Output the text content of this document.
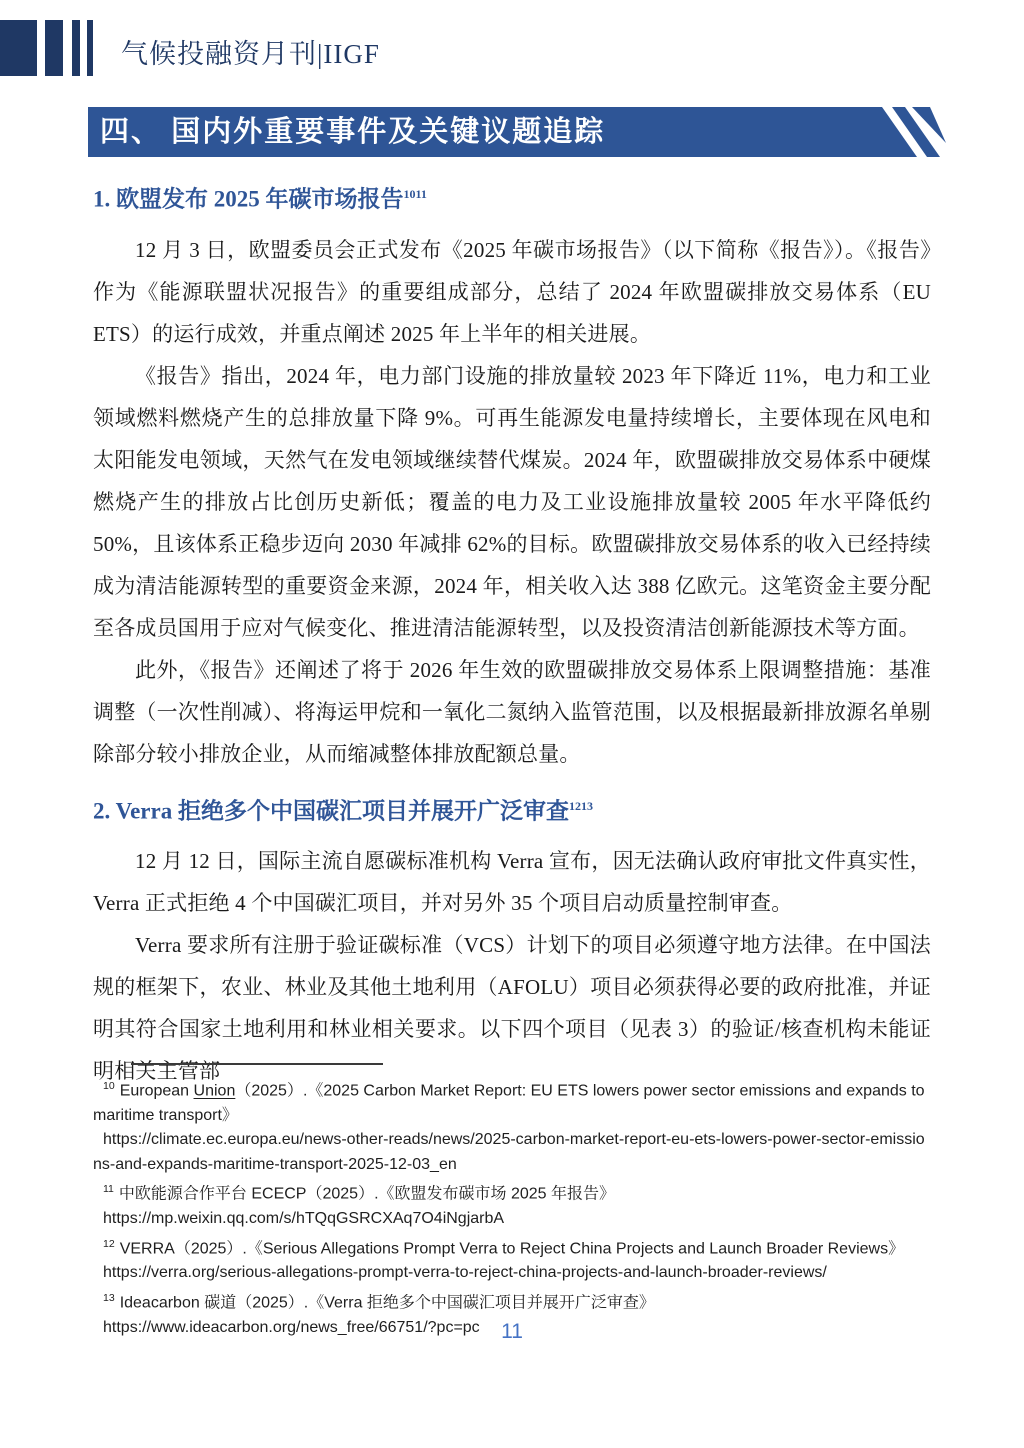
气候投融资月刊|IIGF
四、 国内外重要事件及关键议题追踪
1. 欧盟发布 2025 年碳市场报告$^{1011}$

12 月 3 日，欧盟委员会正式发布《2025 年碳市场报告》（以下简称《报告》）。《报告》作为《能源联盟状况报告》的重要组成部分，总结了 2024 年欧盟碳排放交易体系（EU ETS）的运行成效，并重点阐述 2025 年上半年的相关进展。

《报告》指出，2024 年，电力部门设施的排放量较 2023 年下降近 11%，电力和工业领域燃料燃烧产生的总排放量下降 9%。可再生能源发电量持续增长，主要体现在风电和太阳能发电领域，天然气在发电领域继续替代煤炭。2024 年，欧盟碳排放交易体系中硬煤燃烧产生的排放占比创历史新低；覆盖的电力及工业设施排放量较 2005 年水平降低约 50%，且该体系正稳步迈向 2030 年减排 62%的目标。欧盟碳排放交易体系的收入已经持续成为清洁能源转型的重要资金来源，2024 年，相关收入达 388 亿欧元。这笔资金主要分配至各成员国用于应对气候变化、推进清洁能源转型，以及投资清洁创新能源技术等方面。

此外，《报告》还阐述了将于 2026 年生效的欧盟碳排放交易体系上限调整措施：基准调整（一次性削减）、将海运甲烷和一氧化二氮纳入监管范围，以及根据最新排放源名单剔除部分较小排放企业，从而缩减整体排放配额总量。

2. Verra 拒绝多个中国碳汇项目并展开广泛审查$^{1213}$

12 月 12 日，国际主流自愿碳标准机构 Verra 宣布，因无法确认政府审批文件真实性，Verra 正式拒绝 4 个中国碳汇项目，并对另外 35 个项目启动质量控制审查。

Verra 要求所有注册于验证碳标准（VCS）计划下的项目必须遵守地方法律。在中国法规的框架下，农业、林业及其他土地利用（AFOLU）项目必须获得必要的政府批准，并证明其符合国家土地利用和林业相关要求。以下四个项目（见表 3）的验证/核查机构未能证明相关主管部

$^{10}$ European Union（2025）.《2025 Carbon Market Report: EU ETS lowers power sector emissions and expands to maritime transport》

https://climate.ec.europa.eu/news-other-reads/news/2025-carbon-market-report-eu-ets-lowers-power-sector-emissions-and-expands-maritime-transport-2025-12-03_en

$^{11}$ 中欧能源合作平台 ECECP（2025）.《欧盟发布碳市场 2025 年报告》

https://mp.weixin.qq.com/s/hTQqGSRCXAq7O4iNgjarbA

$^{12}$ VERRA（2025）.《Serious Allegations Prompt Verra to Reject China Projects and Launch Broader Reviews》

https://verra.org/serious-allegations-prompt-verra-to-reject-china-projects-and-launch-broader-reviews/

$^{13}$ Ideacarbon 碳道（2025）.《Verra 拒绝多个中国碳汇项目并展开广泛审查》

https://www.ideacarbon.org/news_free/66751/?pc=pc	11
